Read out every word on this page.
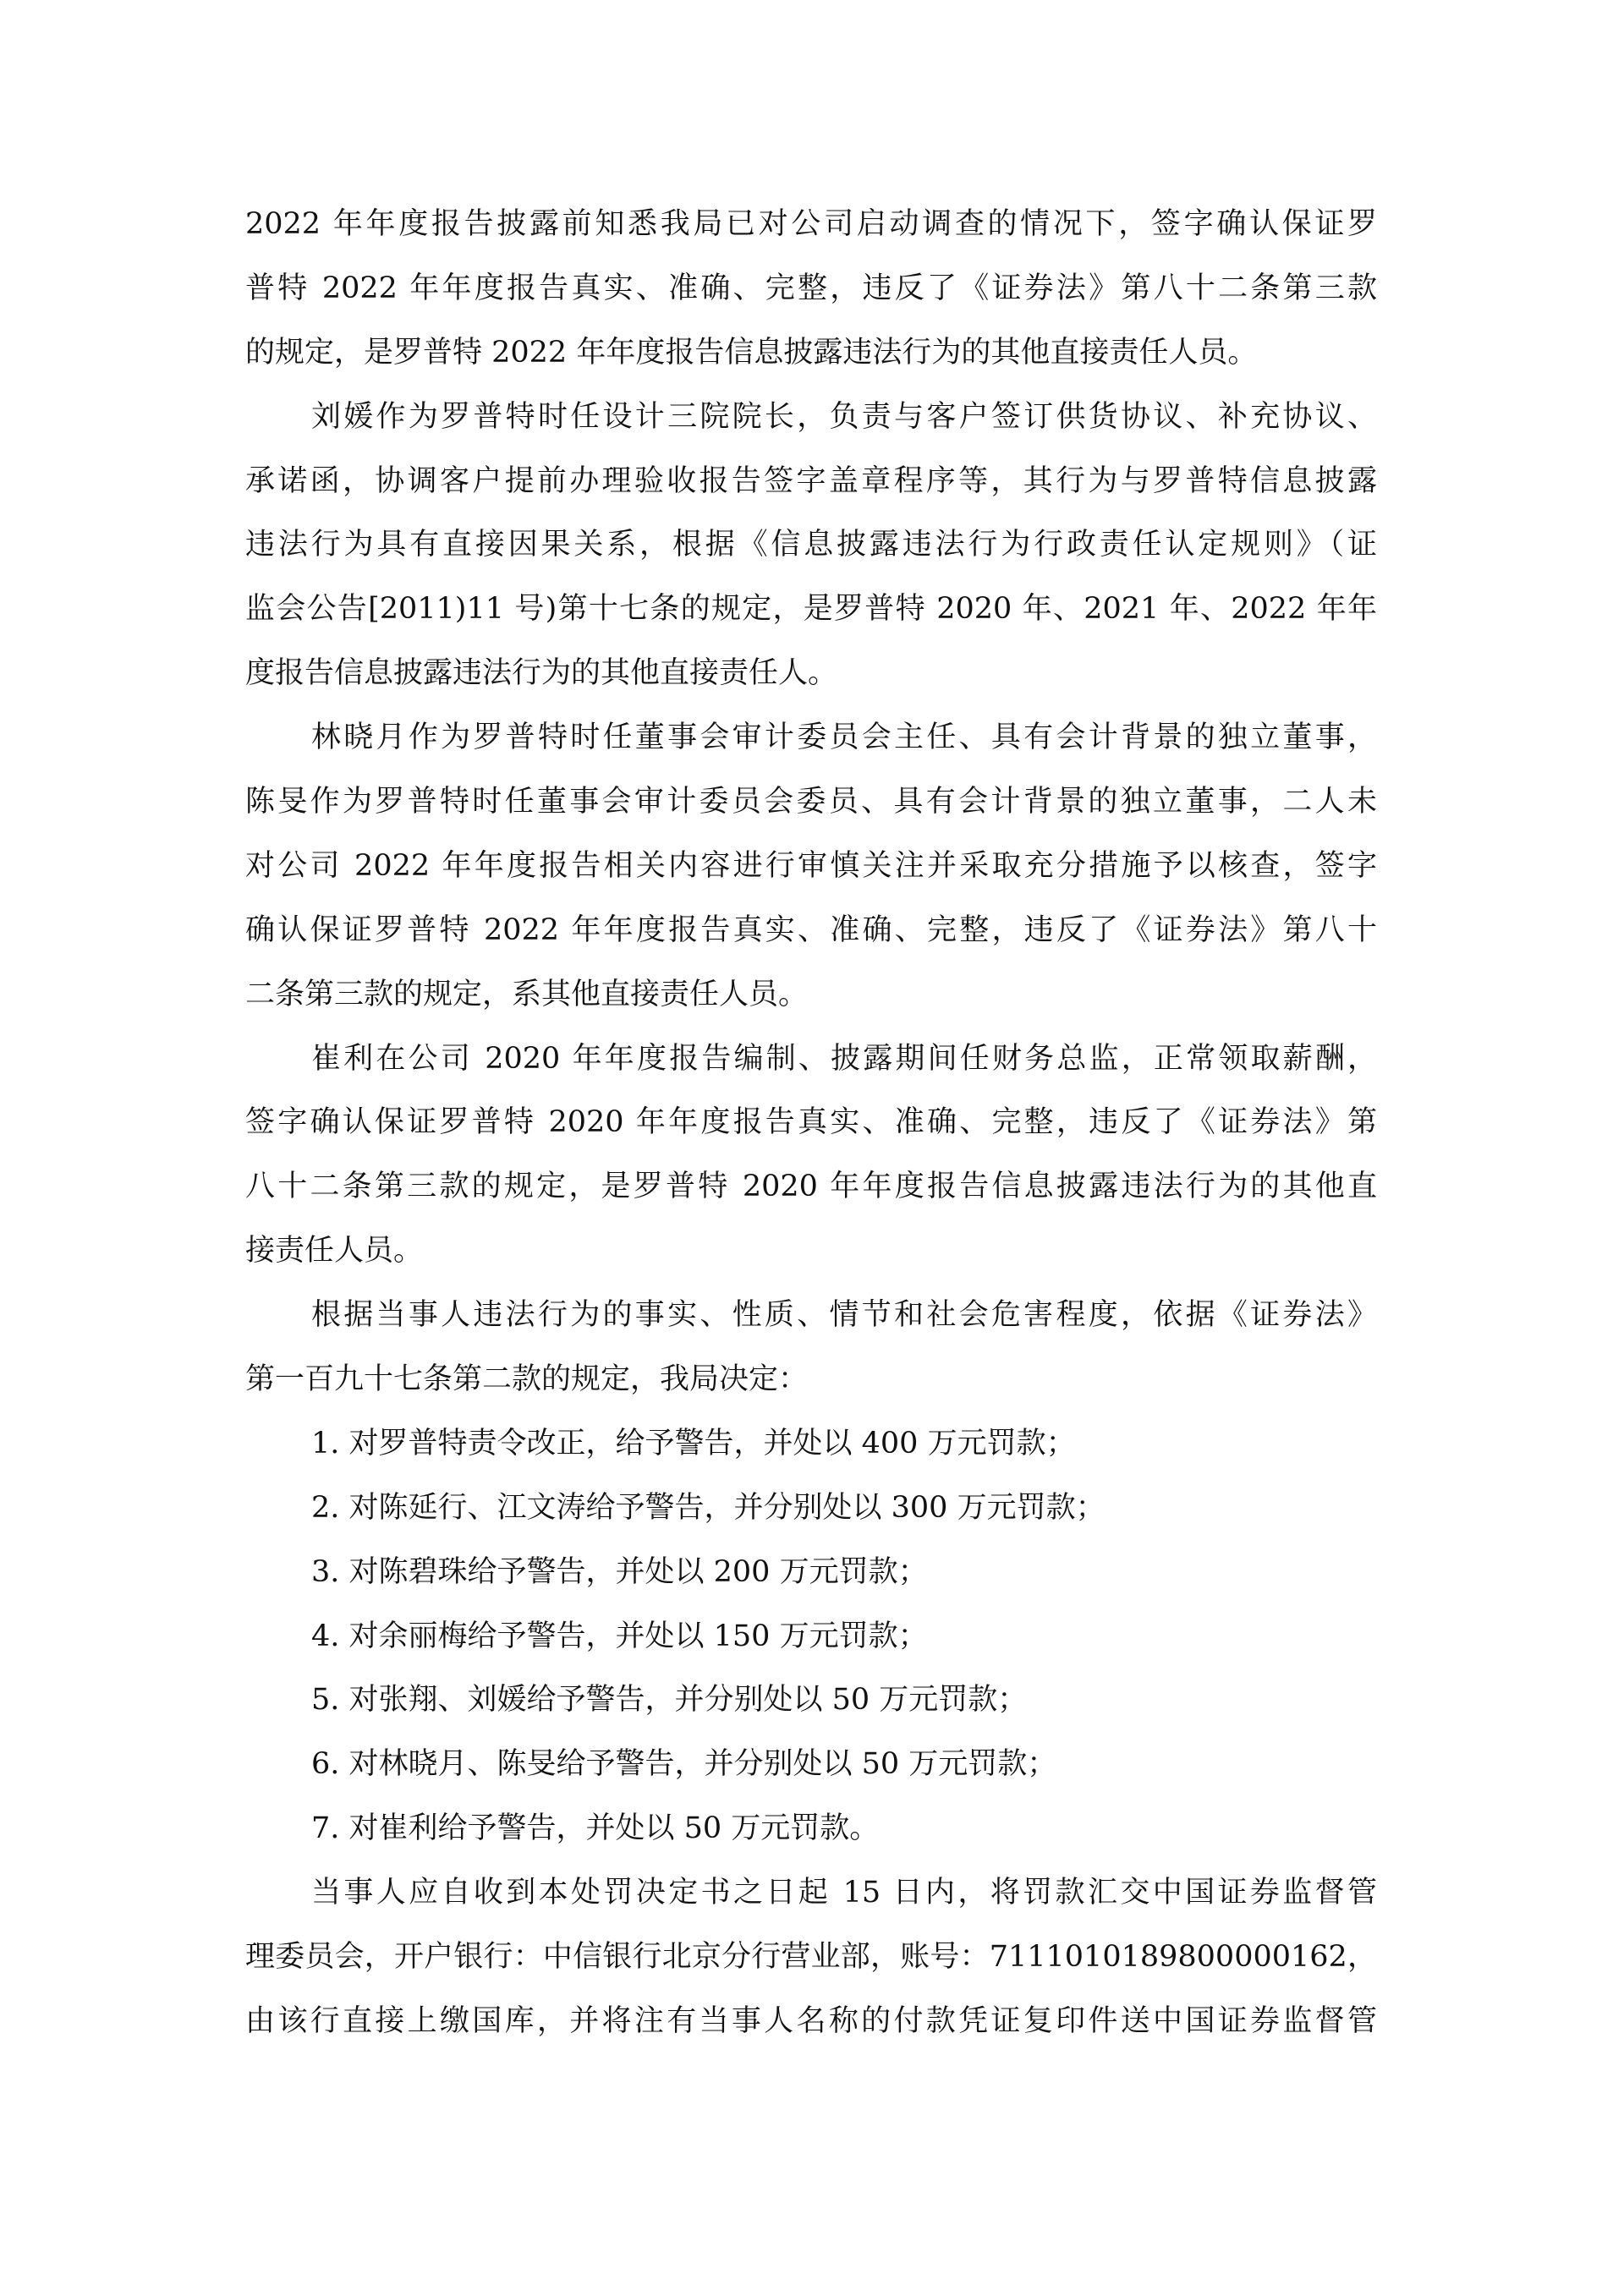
2022 年年度报告披露前知悉我局已对公司启动调查的情况下，签字确认保证罗
普特 2022 年年度报告真实、准确、完整，违反了《证券法》第八十二条第三款
的规定，是罗普特 2022 年年度报告信息披露违法行为的其他直接责任人员。
刘媛作为罗普特时任设计三院院长，负责与客户签订供货协议、补充协议、
承诺函，协调客户提前办理验收报告签字盖章程序等，其行为与罗普特信息披露
违法行为具有直接因果关系，根据《信息披露违法行为行政责任认定规则》（证
监会公告[2011)11 号)第十七条的规定，是罗普特 2020 年、2021 年、2022 年年
度报告信息披露违法行为的其他直接责任人。
林晓月作为罗普特时任董事会审计委员会主任、具有会计背景的独立董事，
陈旻作为罗普特时任董事会审计委员会委员、具有会计背景的独立董事，二人未
对公司 2022 年年度报告相关内容进行审慎关注并采取充分措施予以核查，签字
确认保证罗普特 2022 年年度报告真实、准确、完整，违反了《证券法》第八十
二条第三款的规定，系其他直接责任人员。
崔利在公司 2020 年年度报告编制、披露期间任财务总监，正常领取薪酬，
签字确认保证罗普特 2020 年年度报告真实、准确、完整，违反了《证券法》第
八十二条第三款的规定，是罗普特 2020 年年度报告信息披露违法行为的其他直
接责任人员。
根据当事人违法行为的事实、性质、情节和社会危害程度，依据《证券法》
第一百九十七条第二款的规定，我局决定：
1. 对罗普特责令改正，给予警告，并处以 400 万元罚款；
2. 对陈延行、江文涛给予警告，并分别处以 300 万元罚款；
3. 对陈碧珠给予警告，并处以 200 万元罚款；
4. 对余丽梅给予警告，并处以 150 万元罚款；
5. 对张翔、刘媛给予警告，并分别处以 50 万元罚款；
6. 对林晓月、陈旻给予警告，并分别处以 50 万元罚款；
7. 对崔利给予警告，并处以 50 万元罚款。
当事人应自收到本处罚决定书之日起 15 日内，将罚款汇交中国证券监督管
理委员会，开户银行：中信银行北京分行营业部，账号：7111010189800000162，
由该行直接上缴国库，并将注有当事人名称的付款凭证复印件送中国证券监督管
